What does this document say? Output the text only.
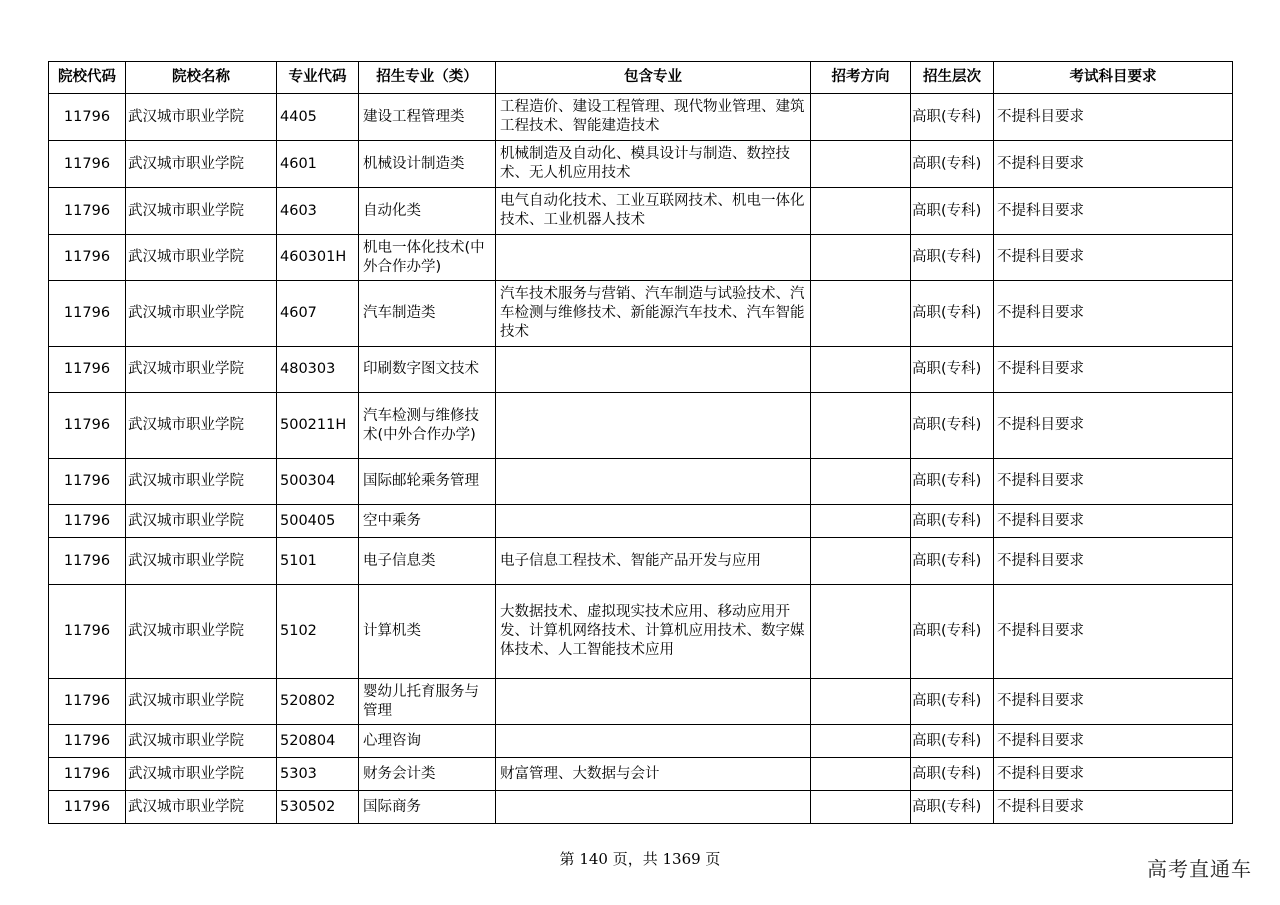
院校代码	院校名称	专业代码	招生专业（类）	包含专业	招考方向	招生层次	考试科目要求
11796	武汉城市职业学院	4405	建设工程管理类	工程造价、建设工程管理、现代物业管理、建筑工程技术、智能建造技术		高职(专科)	不提科目要求
11796	武汉城市职业学院	4601	机械设计制造类	机械制造及自动化、模具设计与制造、数控技术、无人机应用技术		高职(专科)	不提科目要求
11796	武汉城市职业学院	4603	自动化类	电气自动化技术、工业互联网技术、机电一体化技术、工业机器人技术		高职(专科)	不提科目要求
11796	武汉城市职业学院	460301H	机电一体化技术(中外合作办学)			高职(专科)	不提科目要求
11796	武汉城市职业学院	4607	汽车制造类	汽车技术服务与营销、汽车制造与试验技术、汽车检测与维修技术、新能源汽车技术、汽车智能技术		高职(专科)	不提科目要求
11796	武汉城市职业学院	480303	印刷数字图文技术			高职(专科)	不提科目要求
11796	武汉城市职业学院	500211H	汽车检测与维修技术(中外合作办学)			高职(专科)	不提科目要求
11796	武汉城市职业学院	500304	国际邮轮乘务管理			高职(专科)	不提科目要求
11796	武汉城市职业学院	500405	空中乘务			高职(专科)	不提科目要求
11796	武汉城市职业学院	5101	电子信息类	电子信息工程技术、智能产品开发与应用		高职(专科)	不提科目要求
11796	武汉城市职业学院	5102	计算机类	大数据技术、虚拟现实技术应用、移动应用开发、计算机网络技术、计算机应用技术、数字媒体技术、人工智能技术应用		高职(专科)	不提科目要求
11796	武汉城市职业学院	520802	婴幼儿托育服务与管理			高职(专科)	不提科目要求
11796	武汉城市职业学院	520804	心理咨询			高职(专科)	不提科目要求
11796	武汉城市职业学院	5303	财务会计类	财富管理、大数据与会计		高职(专科)	不提科目要求
11796	武汉城市职业学院	530502	国际商务			高职(专科)	不提科目要求
第 140 页，共 1369 页	高考直通车
